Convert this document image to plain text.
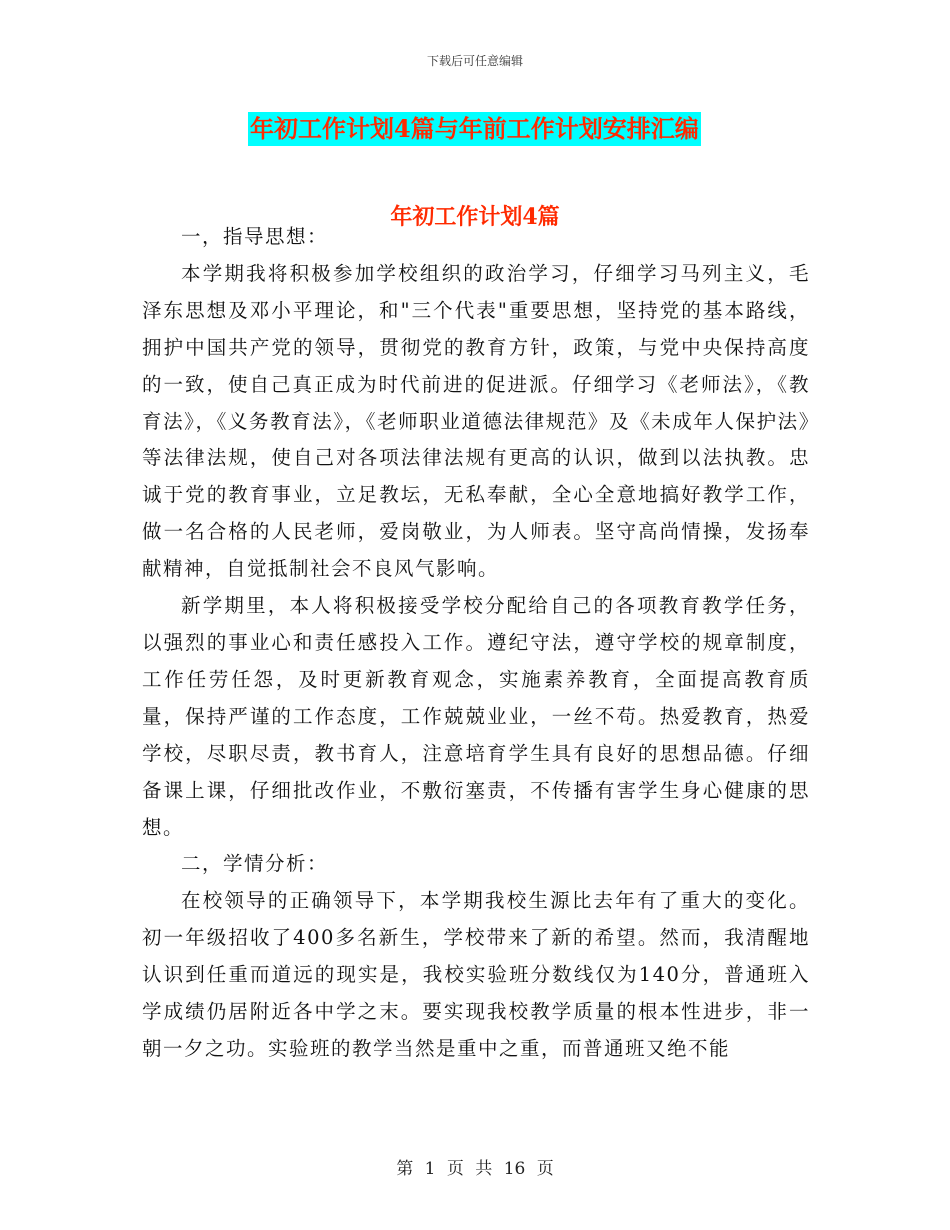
下载后可任意编辑
年初工作计划4篇与年前工作计划安排汇编
年初工作计划4篇

一，指导思想：

本学期我将积极参加学校组织的政治学习，仔细学习马列主义，毛泽东思想及邓小平理论，和"三个代表"重要思想，坚持党的基本路线，拥护中国共产党的领导，贯彻党的教育方针，政策，与党中央保持高度的一致，使自己真正成为时代前进的促进派。仔细学习《老师法》，《教育法》，《义务教育法》，《老师职业道德法律规范》及《未成年人保护法》等法律法规，使自己对各项法律法规有更高的认识，做到以法执教。忠诚于党的教育事业，立足教坛，无私奉献，全心全意地搞好教学工作，做一名合格的人民老师，爱岗敬业，为人师表。坚守高尚情操，发扬奉献精神，自觉抵制社会不良风气影响。

新学期里，本人将积极接受学校分配给自己的各项教育教学任务，以强烈的事业心和责任感投入工作。遵纪守法，遵守学校的规章制度，工作任劳任怨，及时更新教育观念，实施素养教育，全面提高教育质量，保持严谨的工作态度，工作兢兢业业，一丝不苟。热爱教育，热爱学校，尽职尽责，教书育人，注意培育学生具有良好的思想品德。仔细备课上课，仔细批改作业，不敷衍塞责，不传播有害学生身心健康的思想。

二，学情分析：

在校领导的正确领导下，本学期我校生源比去年有了重大的变化。初一年级招收了400多名新生，学校带来了新的希望。然而，我清醒地认识到任重而道远的现实是，我校实验班分数线仅为140分，普通班入学成绩仍居附近各中学之末。要实现我校教学质量的根本性进步，非一朝一夕之功。实验班的教学当然是重中之重，而普通班又绝不能

第 1 页 共 16 页
